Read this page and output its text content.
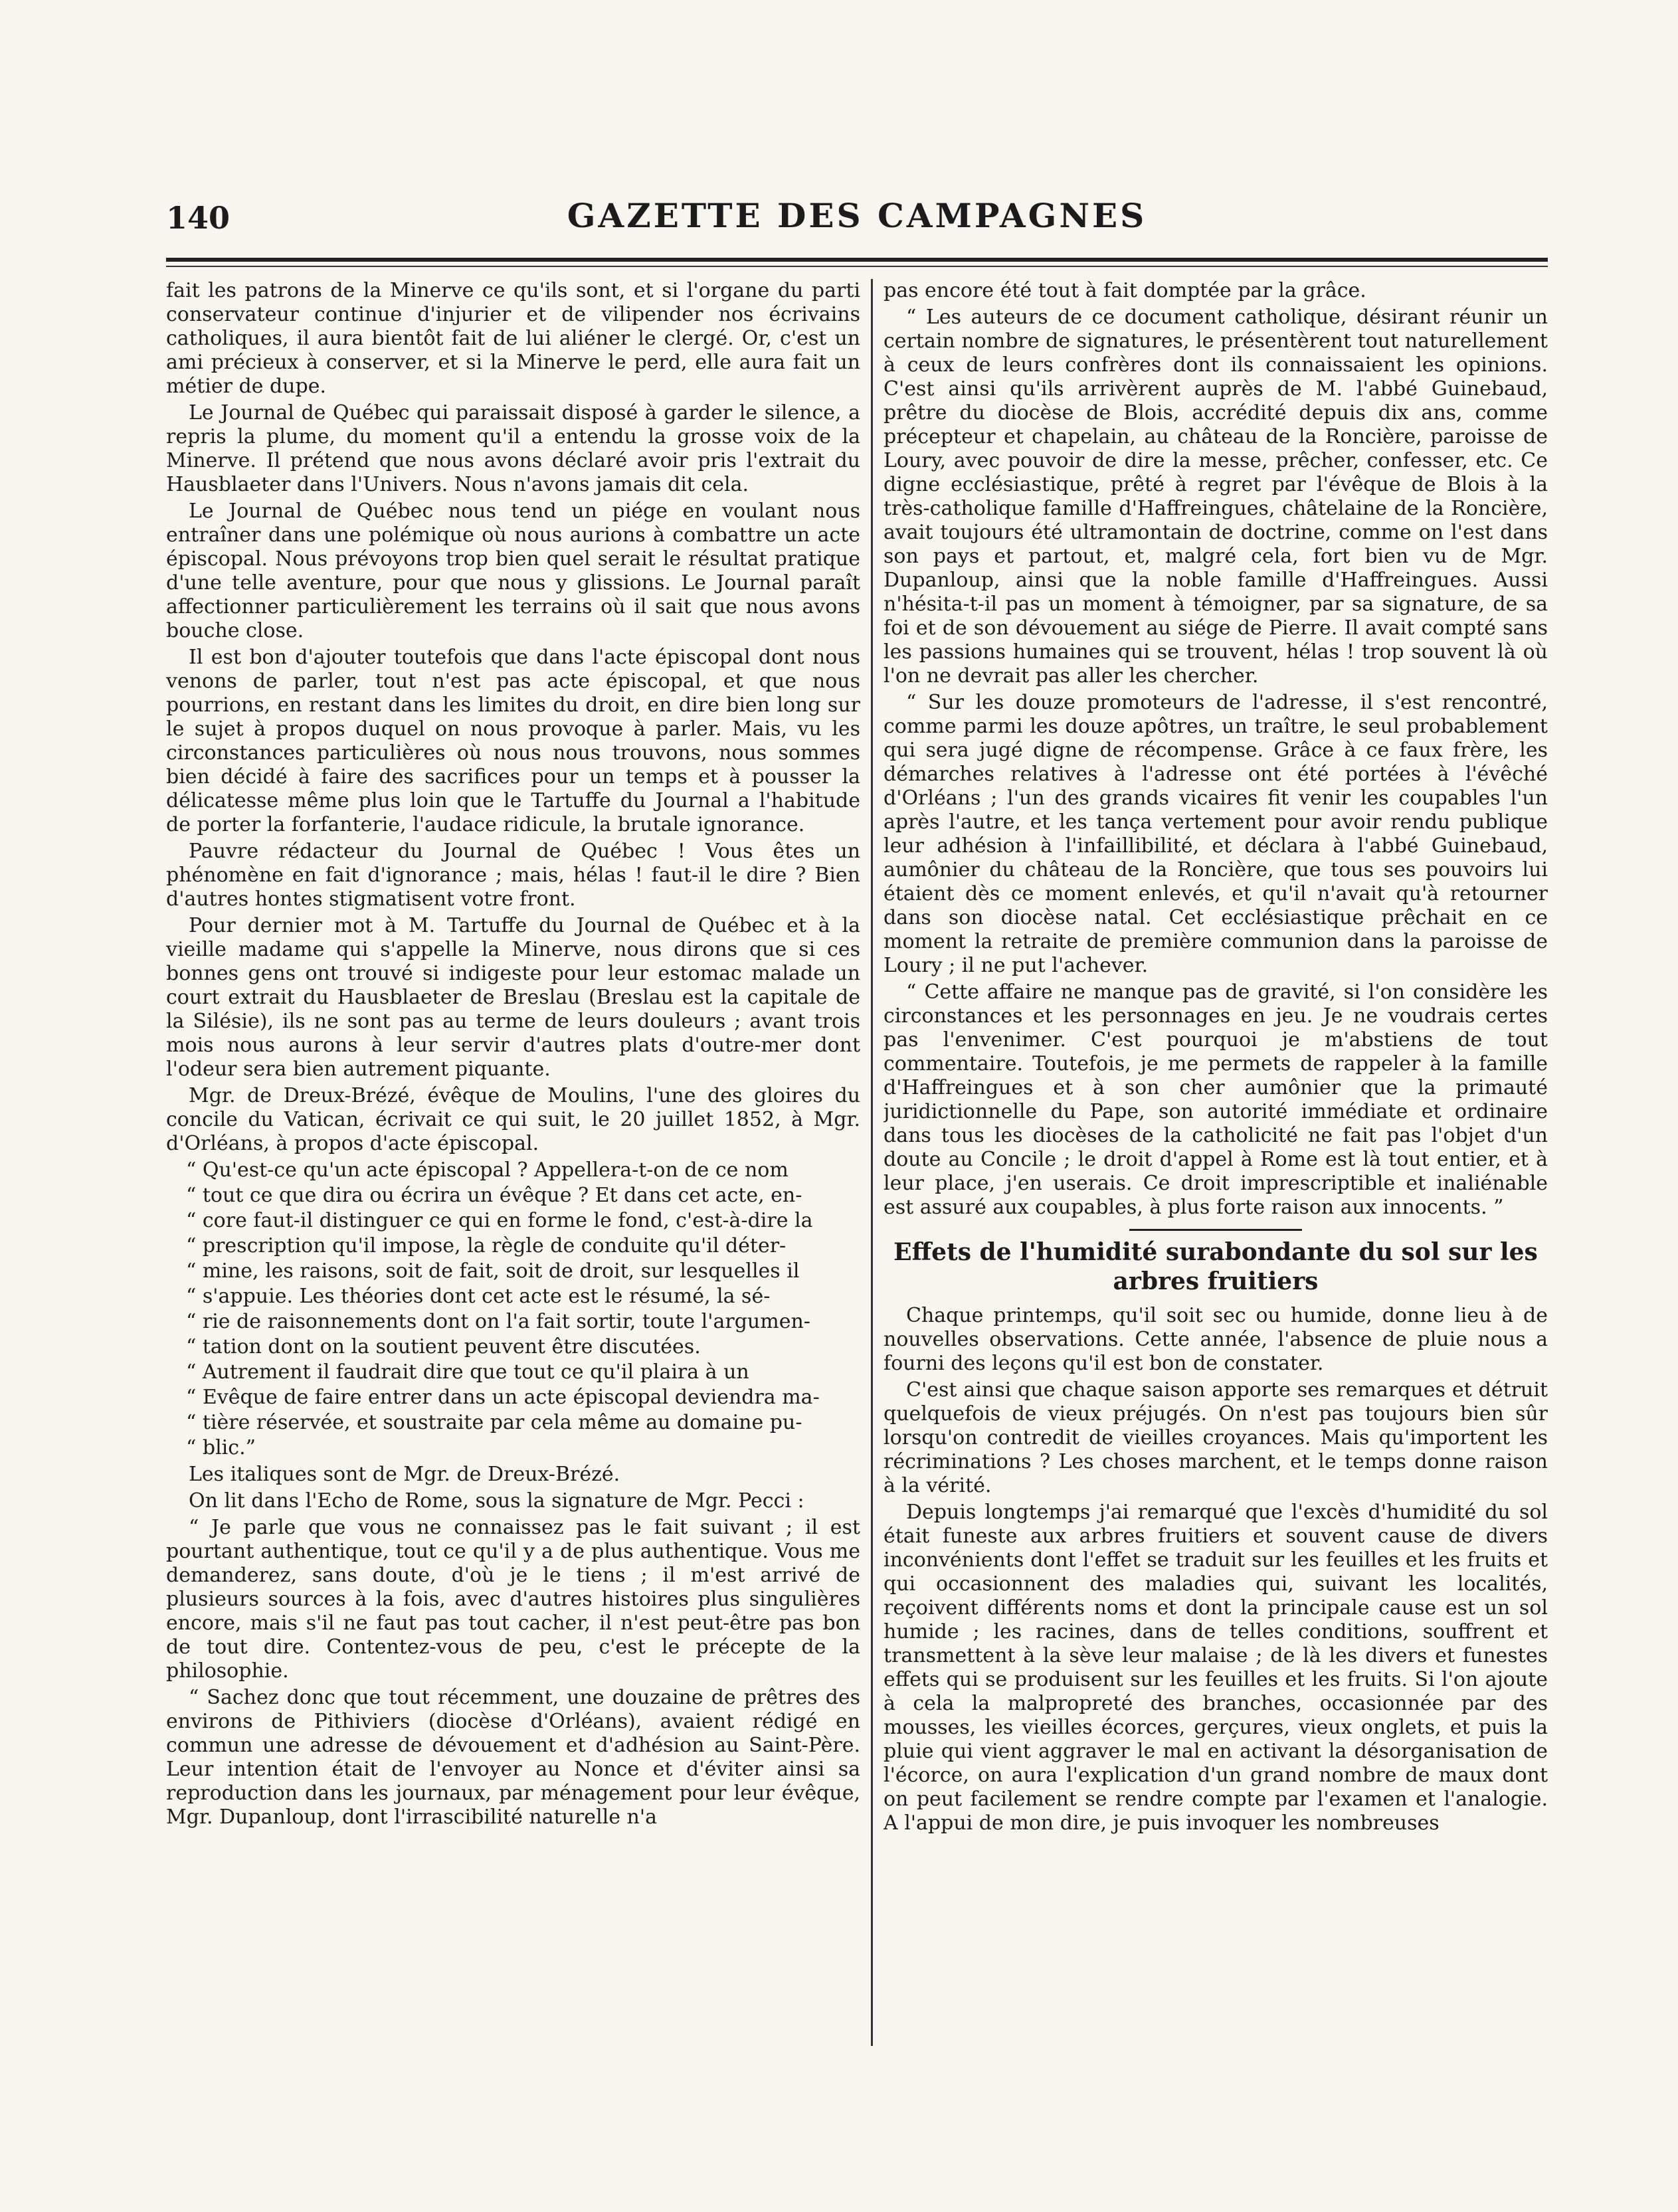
140	GAZETTE DES CAMPAGNES

fait les patrons de la Minerve ce qu'ils sont, et si l'organe du parti conservateur continue d'injurier et de vilipender nos écrivains catholiques, il aura bientôt fait de lui aliéner le clergé. Or, c'est un ami précieux à conserver, et si la Minerve le perd, elle aura fait un métier de dupe.

Le Journal de Québec qui paraissait disposé à garder le silence, a repris la plume, du moment qu'il a entendu la grosse voix de la Minerve. Il prétend que nous avons déclaré avoir pris l'extrait du Hausblaeter dans l'Univers. Nous n'avons jamais dit cela.

Le Journal de Québec nous tend un piége en voulant nous entraîner dans une polémique où nous aurions à combattre un acte épiscopal. Nous prévoyons trop bien quel serait le résultat pratique d'une telle aventure, pour que nous y glissions. Le Journal paraît affectionner particulièrement les terrains où il sait que nous avons bouche close.

Il est bon d'ajouter toutefois que dans l'acte épiscopal dont nous venons de parler, tout n'est pas acte épiscopal, et que nous pourrions, en restant dans les limites du droit, en dire bien long sur le sujet à propos duquel on nous provoque à parler. Mais, vu les circonstances particulières où nous nous trouvons, nous sommes bien décidé à faire des sacrifices pour un temps et à pousser la délicatesse même plus loin que le Tartuffe du Journal a l'habitude de porter la forfanterie, l'audace ridicule, la brutale ignorance.

Pauvre rédacteur du Journal de Québec ! Vous êtes un phénomène en fait d'ignorance ; mais, hélas ! faut-il le dire ? Bien d'autres hontes stigmatisent votre front.

Pour dernier mot à M. Tartuffe du Journal de Québec et à la vieille madame qui s'appelle la Minerve, nous dirons que si ces bonnes gens ont trouvé si indigeste pour leur estomac malade un court extrait du Hausblaeter de Breslau (Breslau est la capitale de la Silésie), ils ne sont pas au terme de leurs douleurs ; avant trois mois nous aurons à leur servir d'autres plats d'outre-mer dont l'odeur sera bien autrement piquante.

Mgr. de Dreux-Brézé, évêque de Moulins, l'une des gloires du concile du Vatican, écrivait ce qui suit, le 20 juillet 1852, à Mgr. d'Orléans, à propos d'acte épiscopal.

“ Qu'est-ce qu'un acte épiscopal ? Appellera-t-on de ce nom

“ tout ce que dira ou écrira un évêque ? Et dans cet acte, en-

“ core faut-il distinguer ce qui en forme le fond, c'est-à-dire la

“ prescription qu'il impose, la règle de conduite qu'il déter-

“ mine, les raisons, soit de fait, soit de droit, sur lesquelles il

“ s'appuie. Les théories dont cet acte est le résumé, la sé-

“ rie de raisonnements dont on l'a fait sortir, toute l'argumen-

“ tation dont on la soutient peuvent être discutées.

“ Autrement il faudrait dire que tout ce qu'il plaira à un

“ Evêque de faire entrer dans un acte épiscopal deviendra ma-

“ tière réservée, et soustraite par cela même au domaine pu-

“ blic.”

Les italiques sont de Mgr. de Dreux-Brézé.

On lit dans l'Echo de Rome, sous la signature de Mgr. Pecci :

“ Je parle que vous ne connaissez pas le fait suivant ; il est pourtant authentique, tout ce qu'il y a de plus authentique. Vous me demanderez, sans doute, d'où je le tiens ; il m'est arrivé de plusieurs sources à la fois, avec d'autres histoires plus singulières encore, mais s'il ne faut pas tout cacher, il n'est peut-être pas bon de tout dire. Contentez-vous de peu, c'est le précepte de la philosophie.

“ Sachez donc que tout récemment, une douzaine de prêtres des environs de Pithiviers (diocèse d'Orléans), avaient rédigé en commun une adresse de dévouement et d'adhésion au Saint-Père. Leur intention était de l'envoyer au Nonce et d'éviter ainsi sa reproduction dans les journaux, par ménagement pour leur évêque, Mgr. Dupanloup, dont l'irrascibilité naturelle n'a

pas encore été tout à fait domptée par la grâce.

“ Les auteurs de ce document catholique, désirant réunir un certain nombre de signatures, le présentèrent tout naturellement à ceux de leurs confrères dont ils connaissaient les opinions. C'est ainsi qu'ils arrivèrent auprès de M. l'abbé Guinebaud, prêtre du diocèse de Blois, accrédité depuis dix ans, comme précepteur et chapelain, au château de la Roncière, paroisse de Loury, avec pouvoir de dire la messe, prêcher, confesser, etc. Ce digne ecclésiastique, prêté à regret par l'évêque de Blois à la très-catholique famille d'Haffreingues, châtelaine de la Roncière, avait toujours été ultramontain de doctrine, comme on l'est dans son pays et partout, et, malgré cela, fort bien vu de Mgr. Dupanloup, ainsi que la noble famille d'Haffreingues. Aussi n'hésita-t-il pas un moment à témoigner, par sa signature, de sa foi et de son dévouement au siége de Pierre. Il avait compté sans les passions humaines qui se trouvent, hélas ! trop souvent là où l'on ne devrait pas aller les chercher.

“ Sur les douze promoteurs de l'adresse, il s'est rencontré, comme parmi les douze apôtres, un traître, le seul probablement qui sera jugé digne de récompense. Grâce à ce faux frère, les démarches relatives à l'adresse ont été portées à l'évêché d'Orléans ; l'un des grands vicaires fit venir les coupables l'un après l'autre, et les tança vertement pour avoir rendu publique leur adhésion à l'infaillibilité, et déclara à l'abbé Guinebaud, aumônier du château de la Roncière, que tous ses pouvoirs lui étaient dès ce moment enlevés, et qu'il n'avait qu'à retourner dans son diocèse natal. Cet ecclésiastique prêchait en ce moment la retraite de première communion dans la paroisse de Loury ; il ne put l'achever.

“ Cette affaire ne manque pas de gravité, si l'on considère les circonstances et les personnages en jeu. Je ne voudrais certes pas l'envenimer. C'est pourquoi je m'abstiens de tout commentaire. Toutefois, je me permets de rappeler à la famille d'Haffreingues et à son cher aumônier que la primauté juridictionnelle du Pape, son autorité immédiate et ordinaire dans tous les diocèses de la catholicité ne fait pas l'objet d'un doute au Concile ; le droit d'appel à Rome est là tout entier, et à leur place, j'en userais. Ce droit imprescriptible et inaliénable est assuré aux coupables, à plus forte raison aux innocents. ”

Effets de l'humidité surabondante du sol sur les arbres fruitiers

Chaque printemps, qu'il soit sec ou humide, donne lieu à de nouvelles observations. Cette année, l'absence de pluie nous a fourni des leçons qu'il est bon de constater.

C'est ainsi que chaque saison apporte ses remarques et détruit quelquefois de vieux préjugés. On n'est pas toujours bien sûr lorsqu'on contredit de vieilles croyances. Mais qu'importent les récriminations ? Les choses marchent, et le temps donne raison à la vérité.

Depuis longtemps j'ai remarqué que l'excès d'humidité du sol était funeste aux arbres fruitiers et souvent cause de divers inconvénients dont l'effet se traduit sur les feuilles et les fruits et qui occasionnent des maladies qui, suivant les localités, reçoivent différents noms et dont la principale cause est un sol humide ; les racines, dans de telles conditions, souffrent et transmettent à la sève leur malaise ; de là les divers et funestes effets qui se produisent sur les feuilles et les fruits. Si l'on ajoute à cela la malpropreté des branches, occasionnée par des mousses, les vieilles écorces, gerçures, vieux onglets, et puis la pluie qui vient aggraver le mal en activant la désorganisation de l'écorce, on aura l'explication d'un grand nombre de maux dont on peut facilement se rendre compte par l'examen et l'analogie. A l'appui de mon dire, je puis invoquer les nombreuses
